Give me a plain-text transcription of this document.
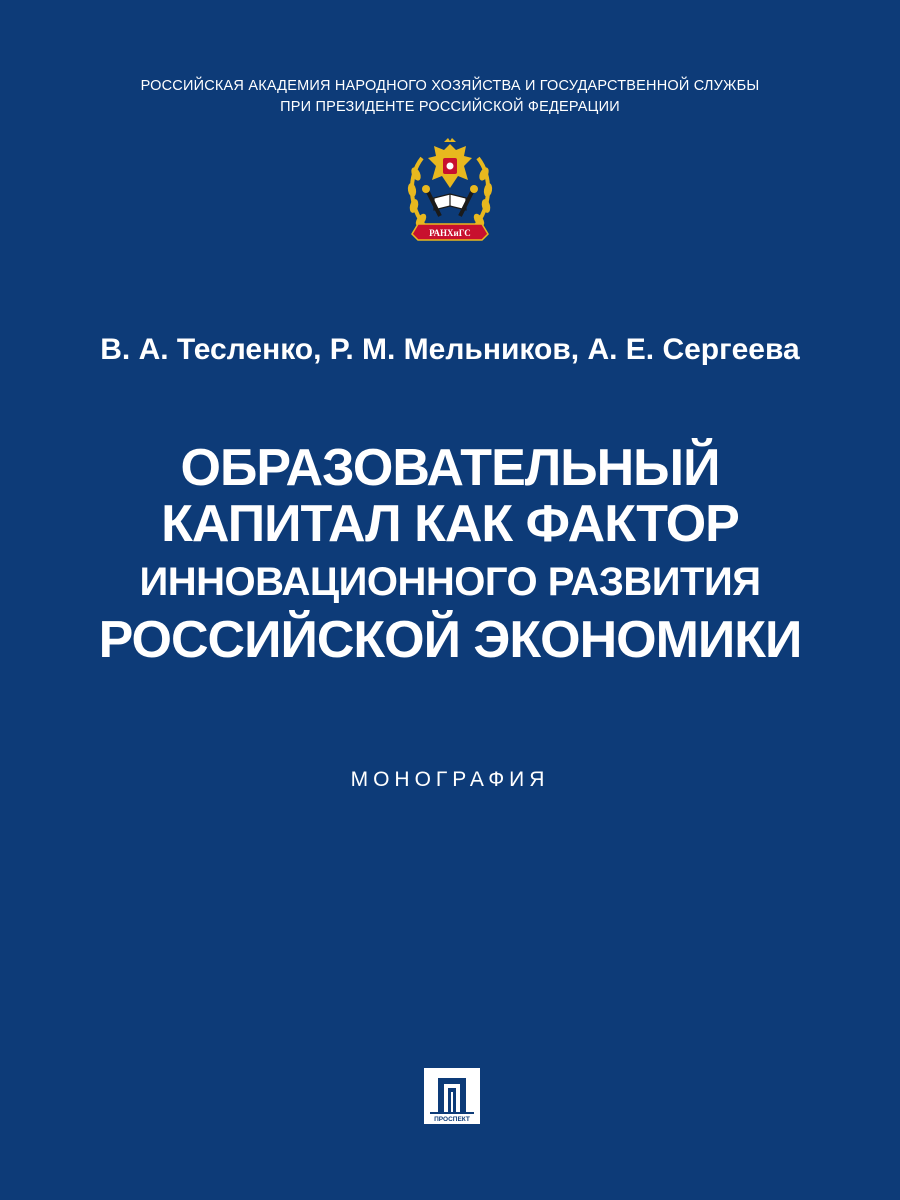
РОССИЙСКАЯ АКАДЕМИЯ НАРОДНОГО ХОЗЯЙСТВА И ГОСУДАРСТВЕННОЙ СЛУЖБЫ
ПРИ ПРЕЗИДЕНТЕ РОССИЙСКОЙ ФЕДЕРАЦИИ
РАНХиГС
В. А. Тесленко, Р. М. Мельников, А. Е. Сергеева
ОБРАЗОВАТЕЛЬНЫЙ
КАПИТАЛ КАК ФАКТОР
ИННОВАЦИОННОГО РАЗВИТИЯ
РОССИЙСКОЙ ЭКОНОМИКИ
МОНОГРАФИЯ
ПРОСПЕКТ
